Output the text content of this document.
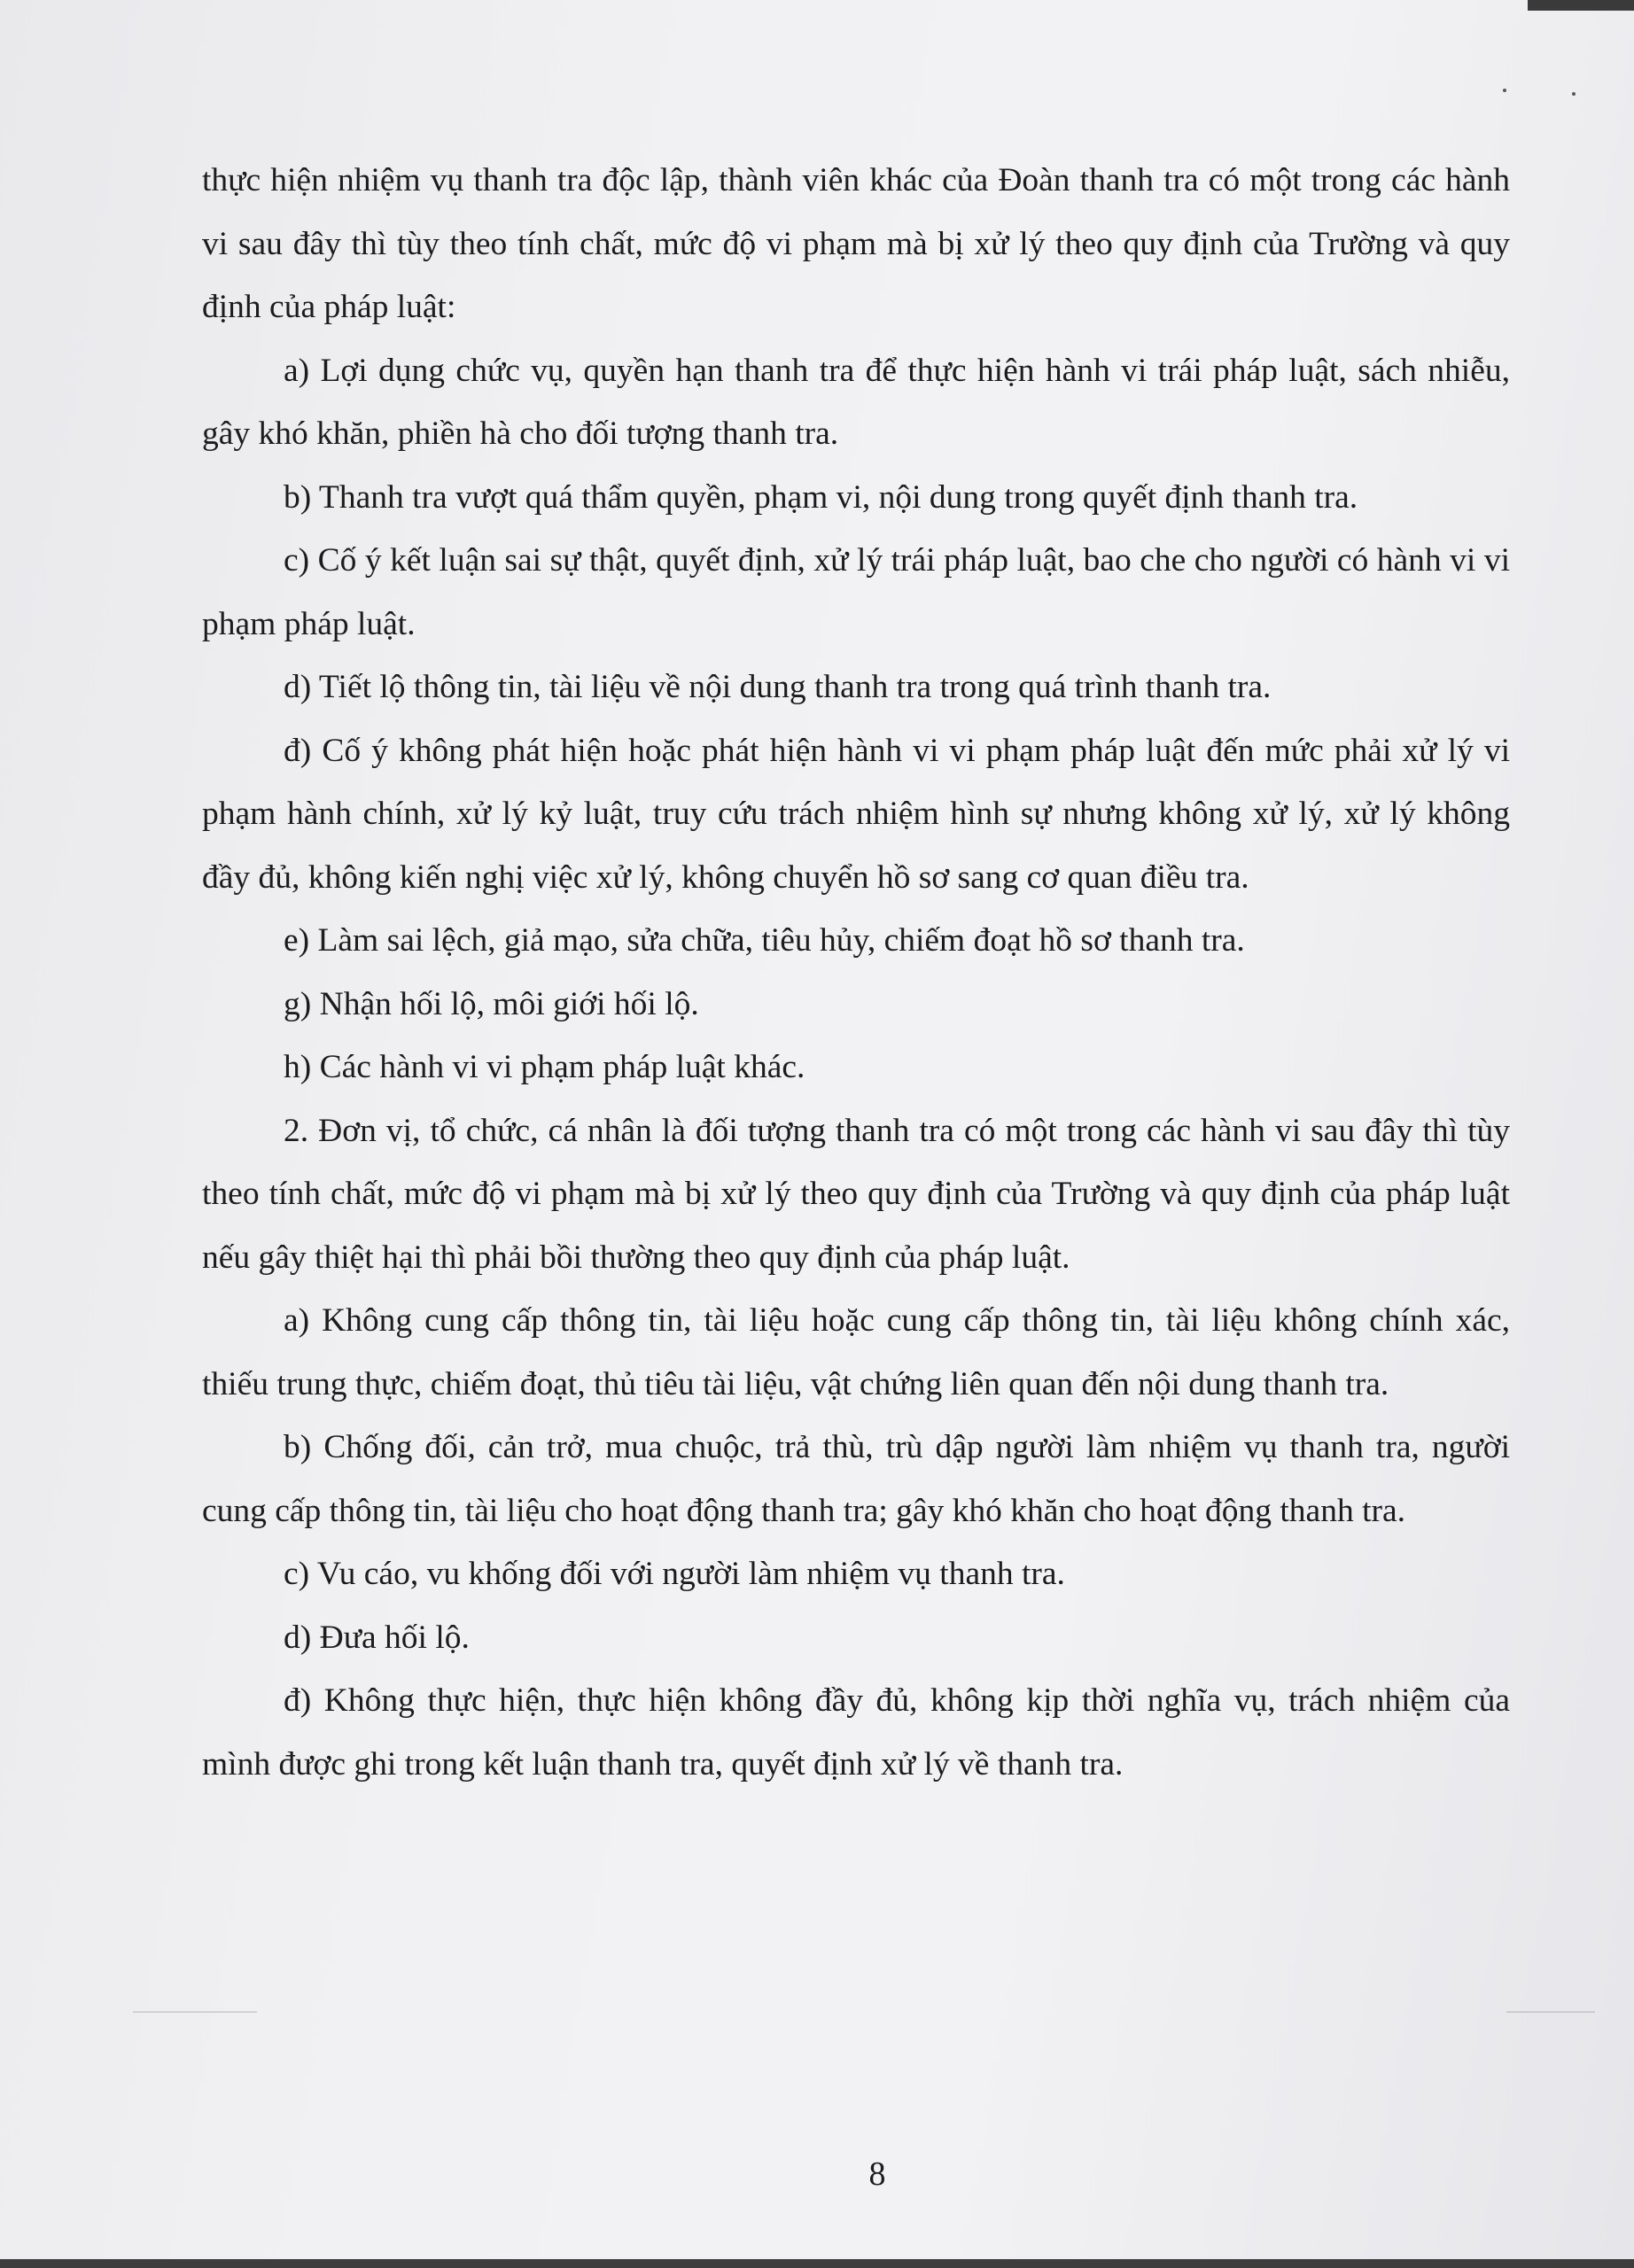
thực hiện nhiệm vụ thanh tra độc lập, thành viên khác của Đoàn thanh tra có một trong các hành vi sau đây thì tùy theo tính chất, mức độ vi phạm mà bị xử lý theo quy định của Trường và quy định của pháp luật:

a) Lợi dụng chức vụ, quyền hạn thanh tra để thực hiện hành vi trái pháp luật, sách nhiễu, gây khó khăn, phiền hà cho đối tượng thanh tra.

b) Thanh tra vượt quá thẩm quyền, phạm vi, nội dung trong quyết định thanh tra.

c) Cố ý kết luận sai sự thật, quyết định, xử lý trái pháp luật, bao che cho người có hành vi vi phạm pháp luật.

d) Tiết lộ thông tin, tài liệu về nội dung thanh tra trong quá trình thanh tra.

đ) Cố ý không phát hiện hoặc phát hiện hành vi vi phạm pháp luật đến mức phải xử lý vi phạm hành chính, xử lý kỷ luật, truy cứu trách nhiệm hình sự nhưng không xử lý, xử lý không đầy đủ, không kiến nghị việc xử lý, không chuyển hồ sơ sang cơ quan điều tra.

e) Làm sai lệch, giả mạo, sửa chữa, tiêu hủy, chiếm đoạt hồ sơ thanh tra.

g) Nhận hối lộ, môi giới hối lộ.

h) Các hành vi vi phạm pháp luật khác.

2. Đơn vị, tổ chức, cá nhân là đối tượng thanh tra có một trong các hành vi sau đây thì tùy theo tính chất, mức độ vi phạm mà bị xử lý theo quy định của Trường và quy định của pháp luật nếu gây thiệt hại thì phải bồi thường theo quy định của pháp luật.

a) Không cung cấp thông tin, tài liệu hoặc cung cấp thông tin, tài liệu không chính xác, thiếu trung thực, chiếm đoạt, thủ tiêu tài liệu, vật chứng liên quan đến nội dung thanh tra.

b) Chống đối, cản trở, mua chuộc, trả thù, trù dập người làm nhiệm vụ thanh tra, người cung cấp thông tin, tài liệu cho hoạt động thanh tra; gây khó khăn cho hoạt động thanh tra.

c) Vu cáo, vu khống đối với người làm nhiệm vụ thanh tra.

d) Đưa hối lộ.

đ) Không thực hiện, thực hiện không đầy đủ, không kịp thời nghĩa vụ, trách nhiệm của mình được ghi trong kết luận thanh tra, quyết định xử lý về thanh tra.

8
